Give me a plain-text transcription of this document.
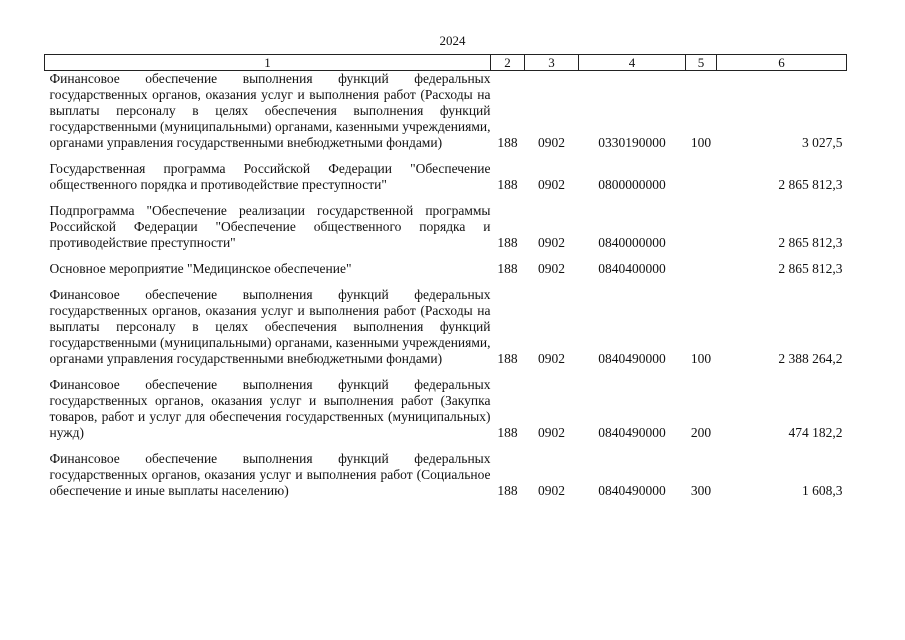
2024
1	2	3	4	5	6
Финансовое обеспечение выполнения функций федеральных государственных органов, оказания услуг и выполнения работ (Расходы на выплаты персоналу в целях обеспечения выполнения функций государственными (муниципальными) органами, казенными учреждениями, органами управления государственными внебюджетными фондами)	188	0902	0330190000	100	3 027,5
Государственная программа Российской Федерации "Обеспечение общественного порядка и противодействие преступности"	188	0902	0800000000		2 865 812,3
Подпрограмма "Обеспечение реализации государственной программы Российской Федерации "Обеспечение общественного порядка и противодействие преступности"	188	0902	0840000000		2 865 812,3
Основное мероприятие "Медицинское обеспечение"	188	0902	0840400000		2 865 812,3
Финансовое обеспечение выполнения функций федеральных государственных органов, оказания услуг и выполнения работ (Расходы на выплаты персоналу в целях обеспечения выполнения функций государственными (муниципальными) органами, казенными учреждениями, органами управления государственными внебюджетными фондами)	188	0902	0840490000	100	2 388 264,2
Финансовое обеспечение выполнения функций федеральных государственных органов, оказания услуг и выполнения работ (Закупка товаров, работ и услуг для обеспечения государственных (муниципальных) нужд)	188	0902	0840490000	200	474 182,2
Финансовое обеспечение выполнения функций федеральных государственных органов, оказания услуг и выполнения работ (Социальное обеспечение и иные выплаты населению)	188	0902	0840490000	300	1 608,3
